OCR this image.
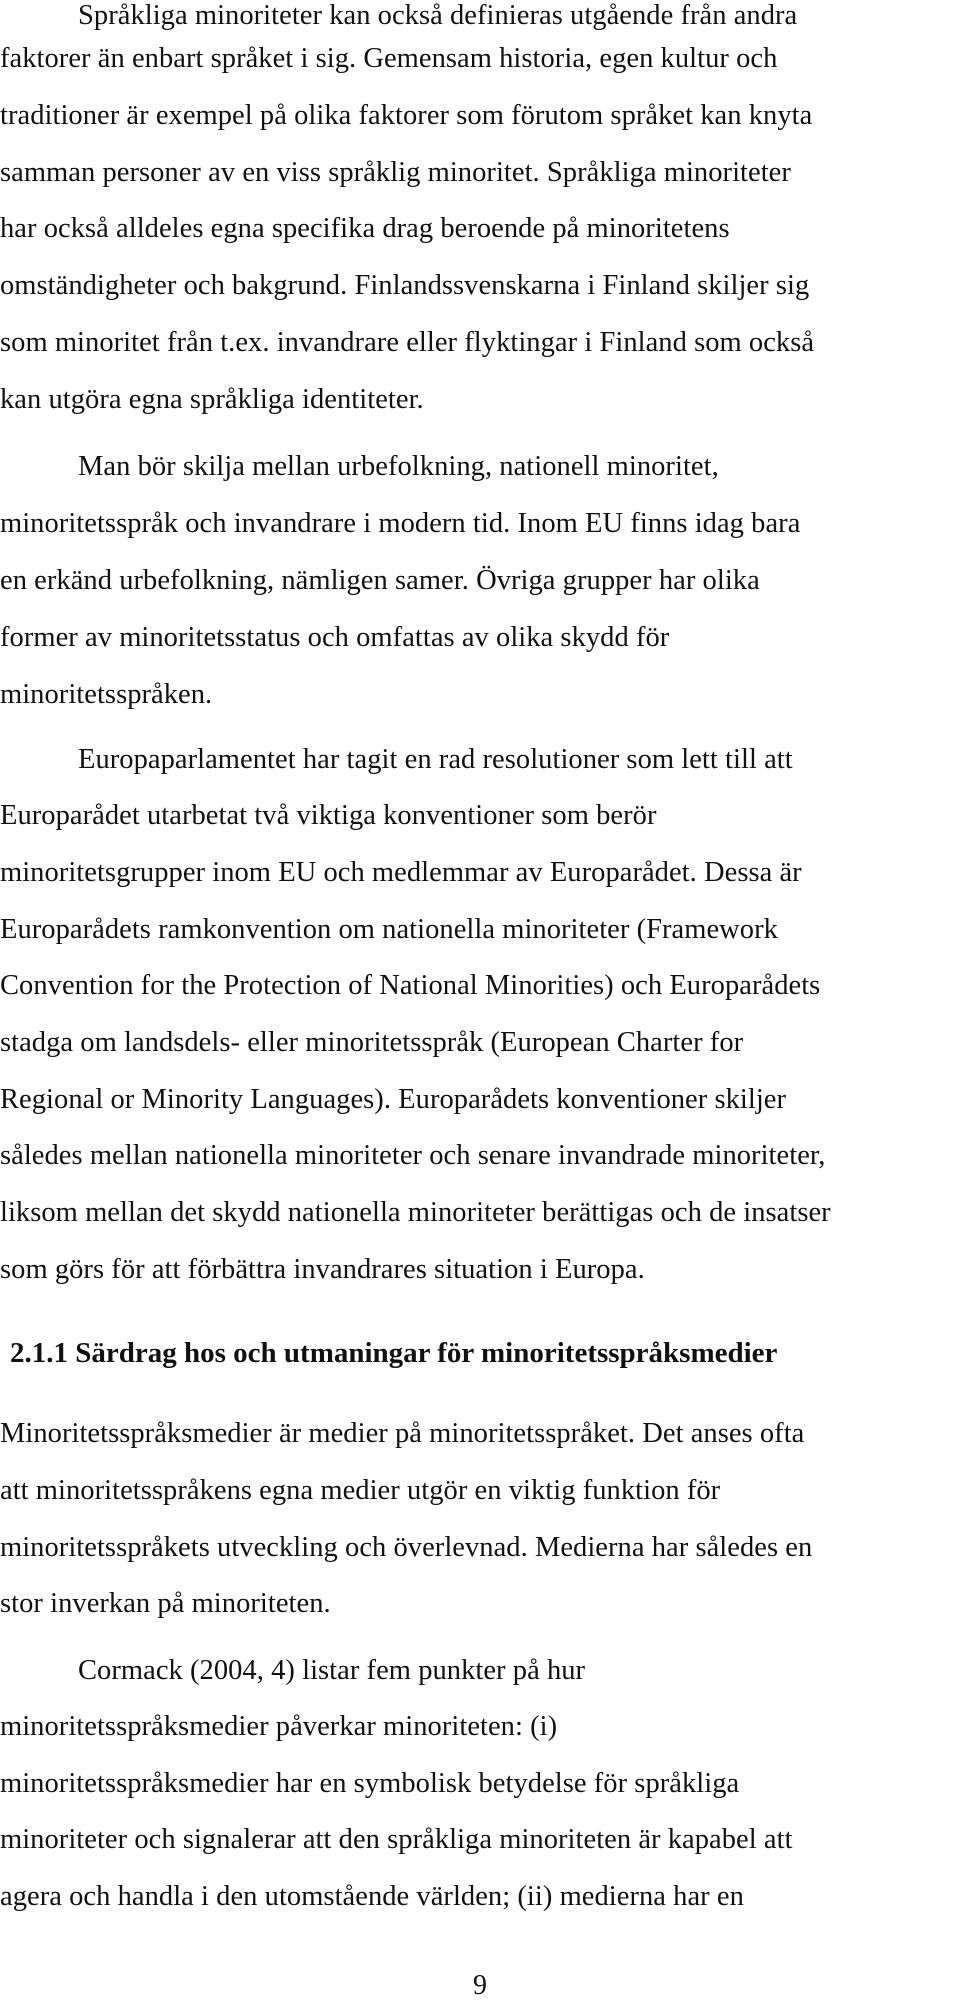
Språkliga minoriteter kan också definieras utgående från andra
faktorer än enbart språket i sig. Gemensam historia, egen kultur och
traditioner är exempel på olika faktorer som förutom språket kan knyta
samman personer av en viss språklig minoritet. Språkliga minoriteter
har också alldeles egna specifika drag beroende på minoritetens
omständigheter och bakgrund. Finlandssvenskarna i Finland skiljer sig
som minoritet från t.ex. invandrare eller flyktingar i Finland som också
kan utgöra egna språkliga identiteter.
Man bör skilja mellan urbefolkning, nationell minoritet,
minoritetsspråk och invandrare i modern tid. Inom EU finns idag bara
en erkänd urbefolkning, nämligen samer. Övriga grupper har olika
former av minoritetsstatus och omfattas av olika skydd för
minoritetsspråken.
Europaparlamentet har tagit en rad resolutioner som lett till att
Europarådet utarbetat två viktiga konventioner som berör
minoritetsgrupper inom EU och medlemmar av Europarådet. Dessa är
Europarådets ramkonvention om nationella minoriteter (Framework
Convention for the Protection of National Minorities) och Europarådets
stadga om landsdels- eller minoritetsspråk (European Charter for
Regional or Minority Languages). Europarådets konventioner skiljer
således mellan nationella minoriteter och senare invandrade minoriteter,
liksom mellan det skydd nationella minoriteter berättigas och de insatser
som görs för att förbättra invandrares situation i Europa.
2.1.1 Särdrag hos och utmaningar för minoritetsspråksmedier
Minoritetsspråksmedier är medier på minoritetsspråket. Det anses ofta
att minoritetsspråkens egna medier utgör en viktig funktion för
minoritetsspråkets utveckling och överlevnad. Medierna har således en
stor inverkan på minoriteten.
Cormack (2004, 4) listar fem punkter på hur
minoritetsspråksmedier påverkar minoriteten: (i)
minoritetsspråksmedier har en symbolisk betydelse för språkliga
minoriteter och signalerar att den språkliga minoriteten är kapabel att
agera och handla i den utomstående världen; (ii) medierna har en
9
